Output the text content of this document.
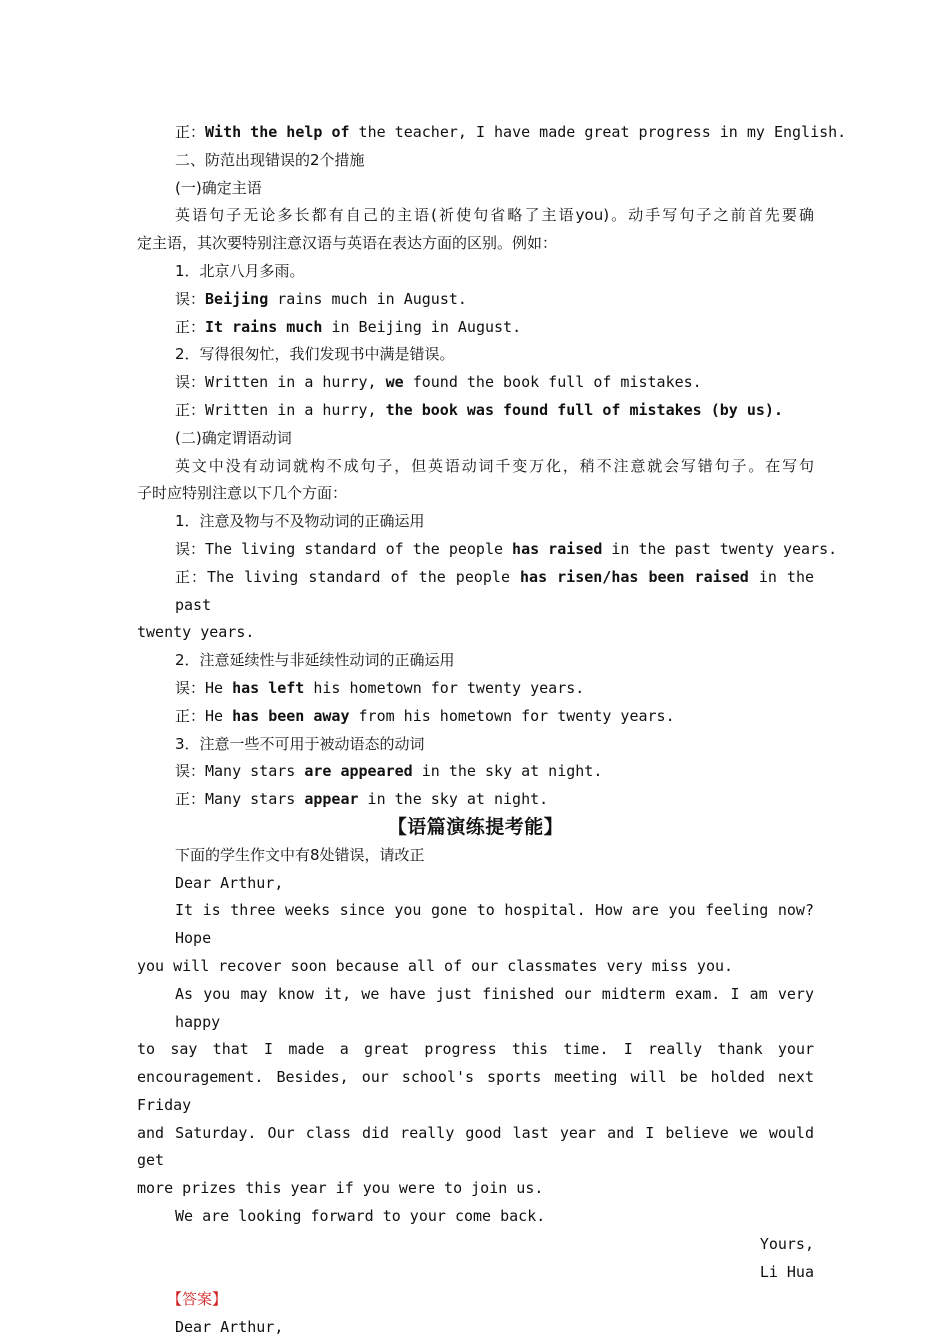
正：With the help of the teacher, I have made great progress in my English.
二、防范出现错误的2个措施
(一)确定主语
英语句子无论多长都有自己的主语(祈使句省略了主语you)。动手写句子之前首先要确
定主语，其次要特别注意汉语与英语在表达方面的区别。例如：
1．北京八月多雨。
误：Beijing rains much in August.
正：It rains much in Beijing in August.
2．写得很匆忙，我们发现书中满是错误。
误：Written in a hurry, we found the book full of mistakes.
正：Written in a hurry, the book was found full of mistakes (by us).
(二)确定谓语动词
英文中没有动词就构不成句子，但英语动词千变万化，稍不注意就会写错句子。在写句
子时应特别注意以下几个方面：
1．注意及物与不及物动词的正确运用
误：The living standard of the people has raised in the past twenty years.
正：The living standard of the people has risen/has been raised in the past
twenty years.
2．注意延续性与非延续性动词的正确运用
误：He has left his hometown for twenty years.
正：He has been away from his hometown for twenty years.
3．注意一些不可用于被动语态的动词
误：Many stars are appeared in the sky at night.
正：Many stars appear in the sky at night.
【语篇演练提考能】
下面的学生作文中有8处错误，请改正
Dear Arthur,
It is three weeks since you gone to hospital. How are you feeling now? Hope
you will recover soon because all of our classmates very miss you.
As you may know it, we have just finished our midterm exam. I am very happy
to say that I made a great progress this time. I really thank your
encouragement. Besides, our school's sports meeting will be holded next Friday
and Saturday. Our class did really good last year and I believe we would get
more prizes this year if you were to join us.
We are looking forward to your come back.
Yours,
Li Hua
【答案】
Dear Arthur,
